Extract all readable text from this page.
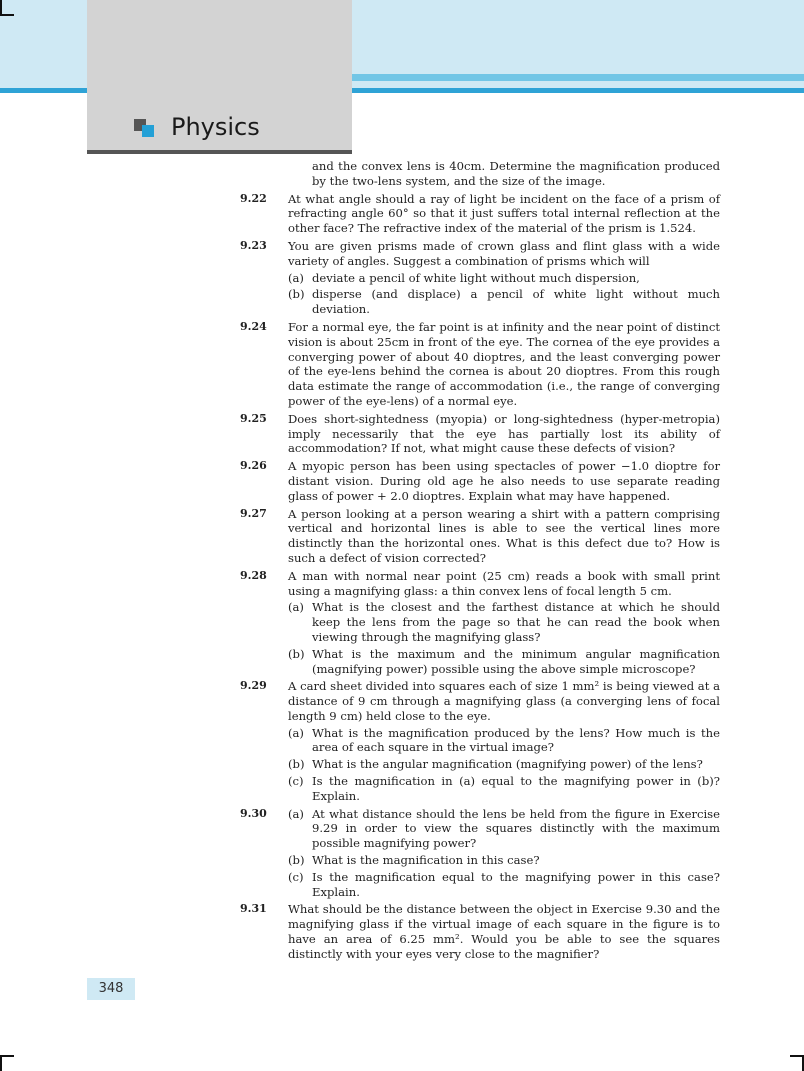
Physics
and the convex lens is 40cm. Determine the magnification produced by the two-lens system, and the size of the image.
9.22	At what angle should a ray of light be incident on the face of a prism of refracting angle 60° so that it just suffers total internal reflection at the other face? The refractive index of the material of the prism is 1.524.
9.23	You are given prisms made of crown glass and flint glass with a wide variety of angles. Suggest a combination of prisms which will
(a) deviate a pencil of white light without much dispersion,
(b) disperse (and displace) a pencil of white light without much deviation.
9.24	For a normal eye, the far point is at infinity and the near point of distinct vision is about 25cm in front of the eye. The cornea of the eye provides a converging power of about 40 dioptres, and the least converging power of the eye-lens behind the cornea is about 20 dioptres. From this rough data estimate the range of accommodation (i.e., the range of converging power of the eye-lens) of a normal eye.
9.25	Does short-sightedness (myopia) or long-sightedness (hyper-metropia) imply necessarily that the eye has partially lost its ability of accommodation? If not, what might cause these defects of vision?
9.26	A myopic person has been using spectacles of power −1.0 dioptre for distant vision. During old age he also needs to use separate reading glass of power + 2.0 dioptres. Explain what may have happened.
9.27	A person looking at a person wearing a shirt with a pattern comprising vertical and horizontal lines is able to see the vertical lines more distinctly than the horizontal ones. What is this defect due to? How is such a defect of vision corrected?
9.28	A man with normal near point (25 cm) reads a book with small print using a magnifying glass: a thin convex lens of focal length 5 cm.
(a) What is the closest and the farthest distance at which he should keep the lens from the page so that he can read the book when viewing through the magnifying glass?
(b) What is the maximum and the minimum angular magnification (magnifying power) possible using the above simple microscope?
9.29	A card sheet divided into squares each of size 1 mm² is being viewed at a distance of 9 cm through a magnifying glass (a converging lens of focal length 9 cm) held close to the eye.
(a) What is the magnification produced by the lens? How much is the area of each square in the virtual image?
(b) What is the angular magnification (magnifying power) of the lens?
(c) Is the magnification in (a) equal to the magnifying power in (b)? Explain.
9.30	(a) At what distance should the lens be held from the figure in Exercise 9.29 in order to view the squares distinctly with the maximum possible magnifying power?
(b) What is the magnification in this case?
(c) Is the magnification equal to the magnifying power in this case? Explain.
9.31	What should be the distance between the object in Exercise 9.30 and the magnifying glass if the virtual image of each square in the figure is to have an area of 6.25 mm². Would you be able to see the squares distinctly with your eyes very close to the magnifier?
348
